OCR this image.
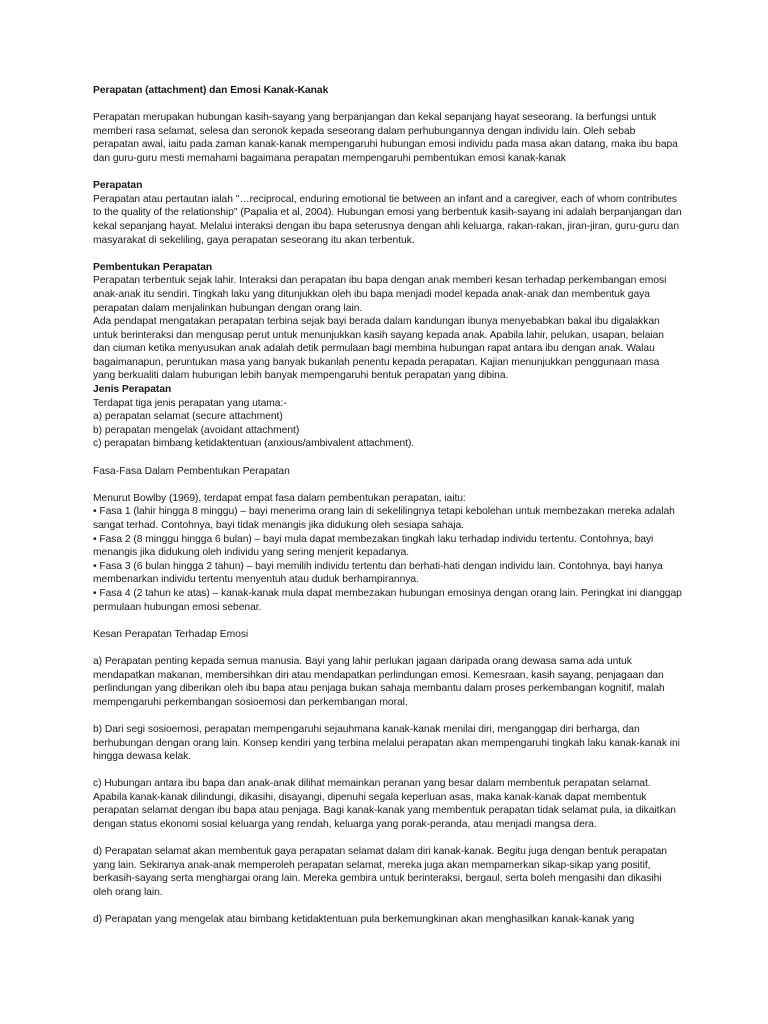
Perapatan (attachment) dan Emosi Kanak-Kanak

Perapatan merupakan hubungan kasih-sayang yang berpanjangan dan kekal sepanjang hayat seseorang. Ia berfungsi untuk memberi rasa selamat, selesa dan seronok kepada seseorang dalam perhubungannya dengan individu lain. Oleh sebab perapatan awal, iaitu pada zaman kanak-kanak mempengaruhi hubungan emosi individu pada masa akan datang, maka ibu bapa dan guru-guru mesti memahami bagaimana perapatan mempengaruhi pembentukan emosi kanak-kanak

Perapatan

Perapatan atau pertautan ialah "…reciprocal, enduring emotional tie between an infant and a caregiver, each of whom contributes to the quality of the relationship" (Papalia et al, 2004). Hubungan emosi yang berbentuk kasih-sayang ini adalah berpanjangan dan kekal sepanjang hayat. Melalui interaksi dengan ibu bapa seterusnya dengan ahli keluarga, rakan-rakan, jiran-jiran, guru-guru dan masyarakat di sekeliling, gaya perapatan seseorang itu akan terbentuk.

Pembentukan Perapatan

Perapatan terbentuk sejak lahir. Interaksi dan perapatan ibu bapa dengan anak memberi kesan terhadap perkembangan emosi anak-anak itu sendiri. Tingkah laku yang ditunjukkan oleh ibu bapa menjadi model kepada anak-anak dan membentuk gaya perapatan dalam menjalinkan hubungan dengan orang lain.

Ada pendapat mengatakan perapatan terbina sejak bayi berada dalam kandungan ibunya menyebabkan bakal ibu digalakkan untuk berinteraksi dan mengusap perut untuk menunjukkan kasih sayang kepada anak. Apabila lahir, pelukan, usapan, belaian dan ciuman ketika menyusukan anak adalah detik permulaan bagi membina hubungan rapat antara ibu dengan anak. Walau bagaimanapun, peruntukan masa yang banyak bukanlah penentu kepada perapatan. Kajian menunjukkan penggunaan masa yang berkualiti dalam hubungan lebih banyak mempengaruhi bentuk perapatan yang dibina.

Jenis Perapatan

Terdapat tiga jenis perapatan yang utama:-

a) perapatan selamat (secure attachment)
b) perapatan mengelak (avoidant attachment)
c) perapatan bimbang ketidaktentuan (anxious/ambivalent attachment).

Fasa-Fasa Dalam Pembentukan Perapatan

Menurut Bowlby (1969), terdapat empat fasa dalam pembentukan perapatan, iaitu:

• Fasa 1 (lahir hingga 8 minggu) – bayi menerima orang lain di sekelilingnya tetapi kebolehan untuk membezakan mereka adalah sangat terhad. Contohnya, bayi tidak menangis jika didukung oleh sesiapa sahaja.
• Fasa 2 (8 minggu hingga 6 bulan) – bayi mula dapat membezakan tingkah laku terhadap individu tertentu. Contohnya, bayi menangis jika didukung oleh individu yang sering menjerit kepadanya.
• Fasa 3 (6 bulan hingga 2 tahun) – bayi memilih individu tertentu dan berhati-hati dengan individu lain. Contohnya, bayi hanya membenarkan individu tertentu menyentuh atau duduk berhampirannya.
• Fasa 4 (2 tahun ke atas) – kanak-kanak mula dapat membezakan hubungan emosinya dengan orang lain. Peringkat ini dianggap permulaan hubungan emosi sebenar.

Kesan Perapatan Terhadap Emosi

a) Perapatan penting kepada semua manusia. Bayi yang lahir perlukan jagaan daripada orang dewasa sama ada untuk mendapatkan makanan, membersihkan diri atau mendapatkan perlindungan emosi. Kemesraan, kasih sayang, penjagaan dan perlindungan yang diberikan oleh ibu bapa atau penjaga bukan sahaja membantu dalam proses perkembangan kognitif, malah mempengaruhi perkembangan sosioemosi dan perkembangan moral.

b) Dari segi sosioemosi, perapatan mempengaruhi sejauhmana kanak-kanak menilai diri, menganggap diri berharga, dan berhubungan dengan orang lain. Konsep kendiri yang terbina melalui perapatan akan mempengaruhi tingkah laku kanak-kanak ini hingga dewasa kelak.

c) Hubungan antara ibu bapa dan anak-anak dilihat memainkan peranan yang besar dalam membentuk perapatan selamat. Apabila kanak-kanak dilindungi, dikasihi, disayangi, dipenuhi segala keperluan asas, maka kanak-kanak dapat membentuk perapatan selamat dengan ibu bapa atau penjaga. Bagi kanak-kanak yang membentuk perapatan tidak selamat pula, ia dikaitkan dengan status ekonomi sosial keluarga yang rendah, keluarga yang porak-peranda, atau menjadi mangsa dera.

d) Perapatan selamat akan membentuk gaya perapatan selamat dalam diri kanak-kanak. Begitu juga dengan bentuk perapatan yang lain. Sekiranya anak-anak memperoleh perapatan selamat, mereka juga akan mempamerkan sikap-sikap yang positif, berkasih-sayang serta menghargai orang lain. Mereka gembira untuk berinteraksi, bergaul, serta boleh mengasihi dan dikasihi oleh orang lain.

d) Perapatan yang mengelak atau bimbang ketidaktentuan pula berkemungkinan akan menghasilkan kanak-kanak yang
